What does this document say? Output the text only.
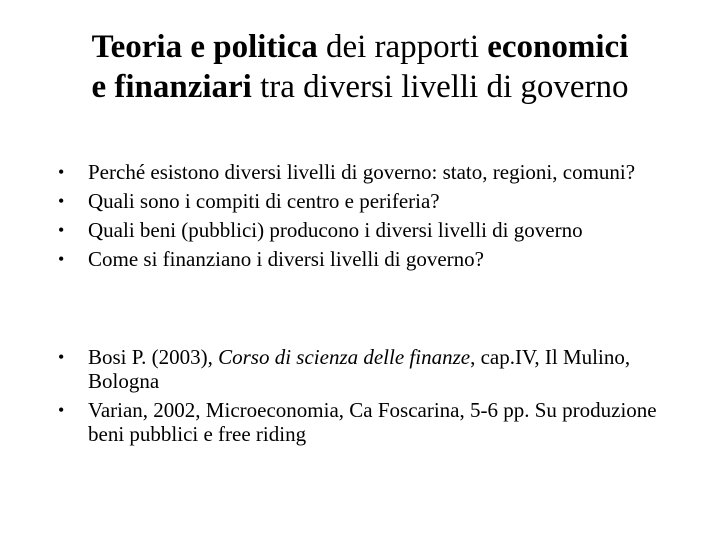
Teoria e politica dei rapporti economici
e finanziari tra diversi livelli di governo
• Perché esistono diversi livelli di governo: stato, regioni, comuni?
• Quali sono i compiti di centro e periferia?
• Quali beni (pubblici) producono i diversi livelli di governo
• Come si finanziano i diversi livelli di governo?
• Bosi P. (2003), Corso di scienza delle finanze, cap.IV, Il Mulino, Bologna
• Varian, 2002, Microeconomia, Ca Foscarina, 5-6 pp. Su produzione beni pubblici e free riding
